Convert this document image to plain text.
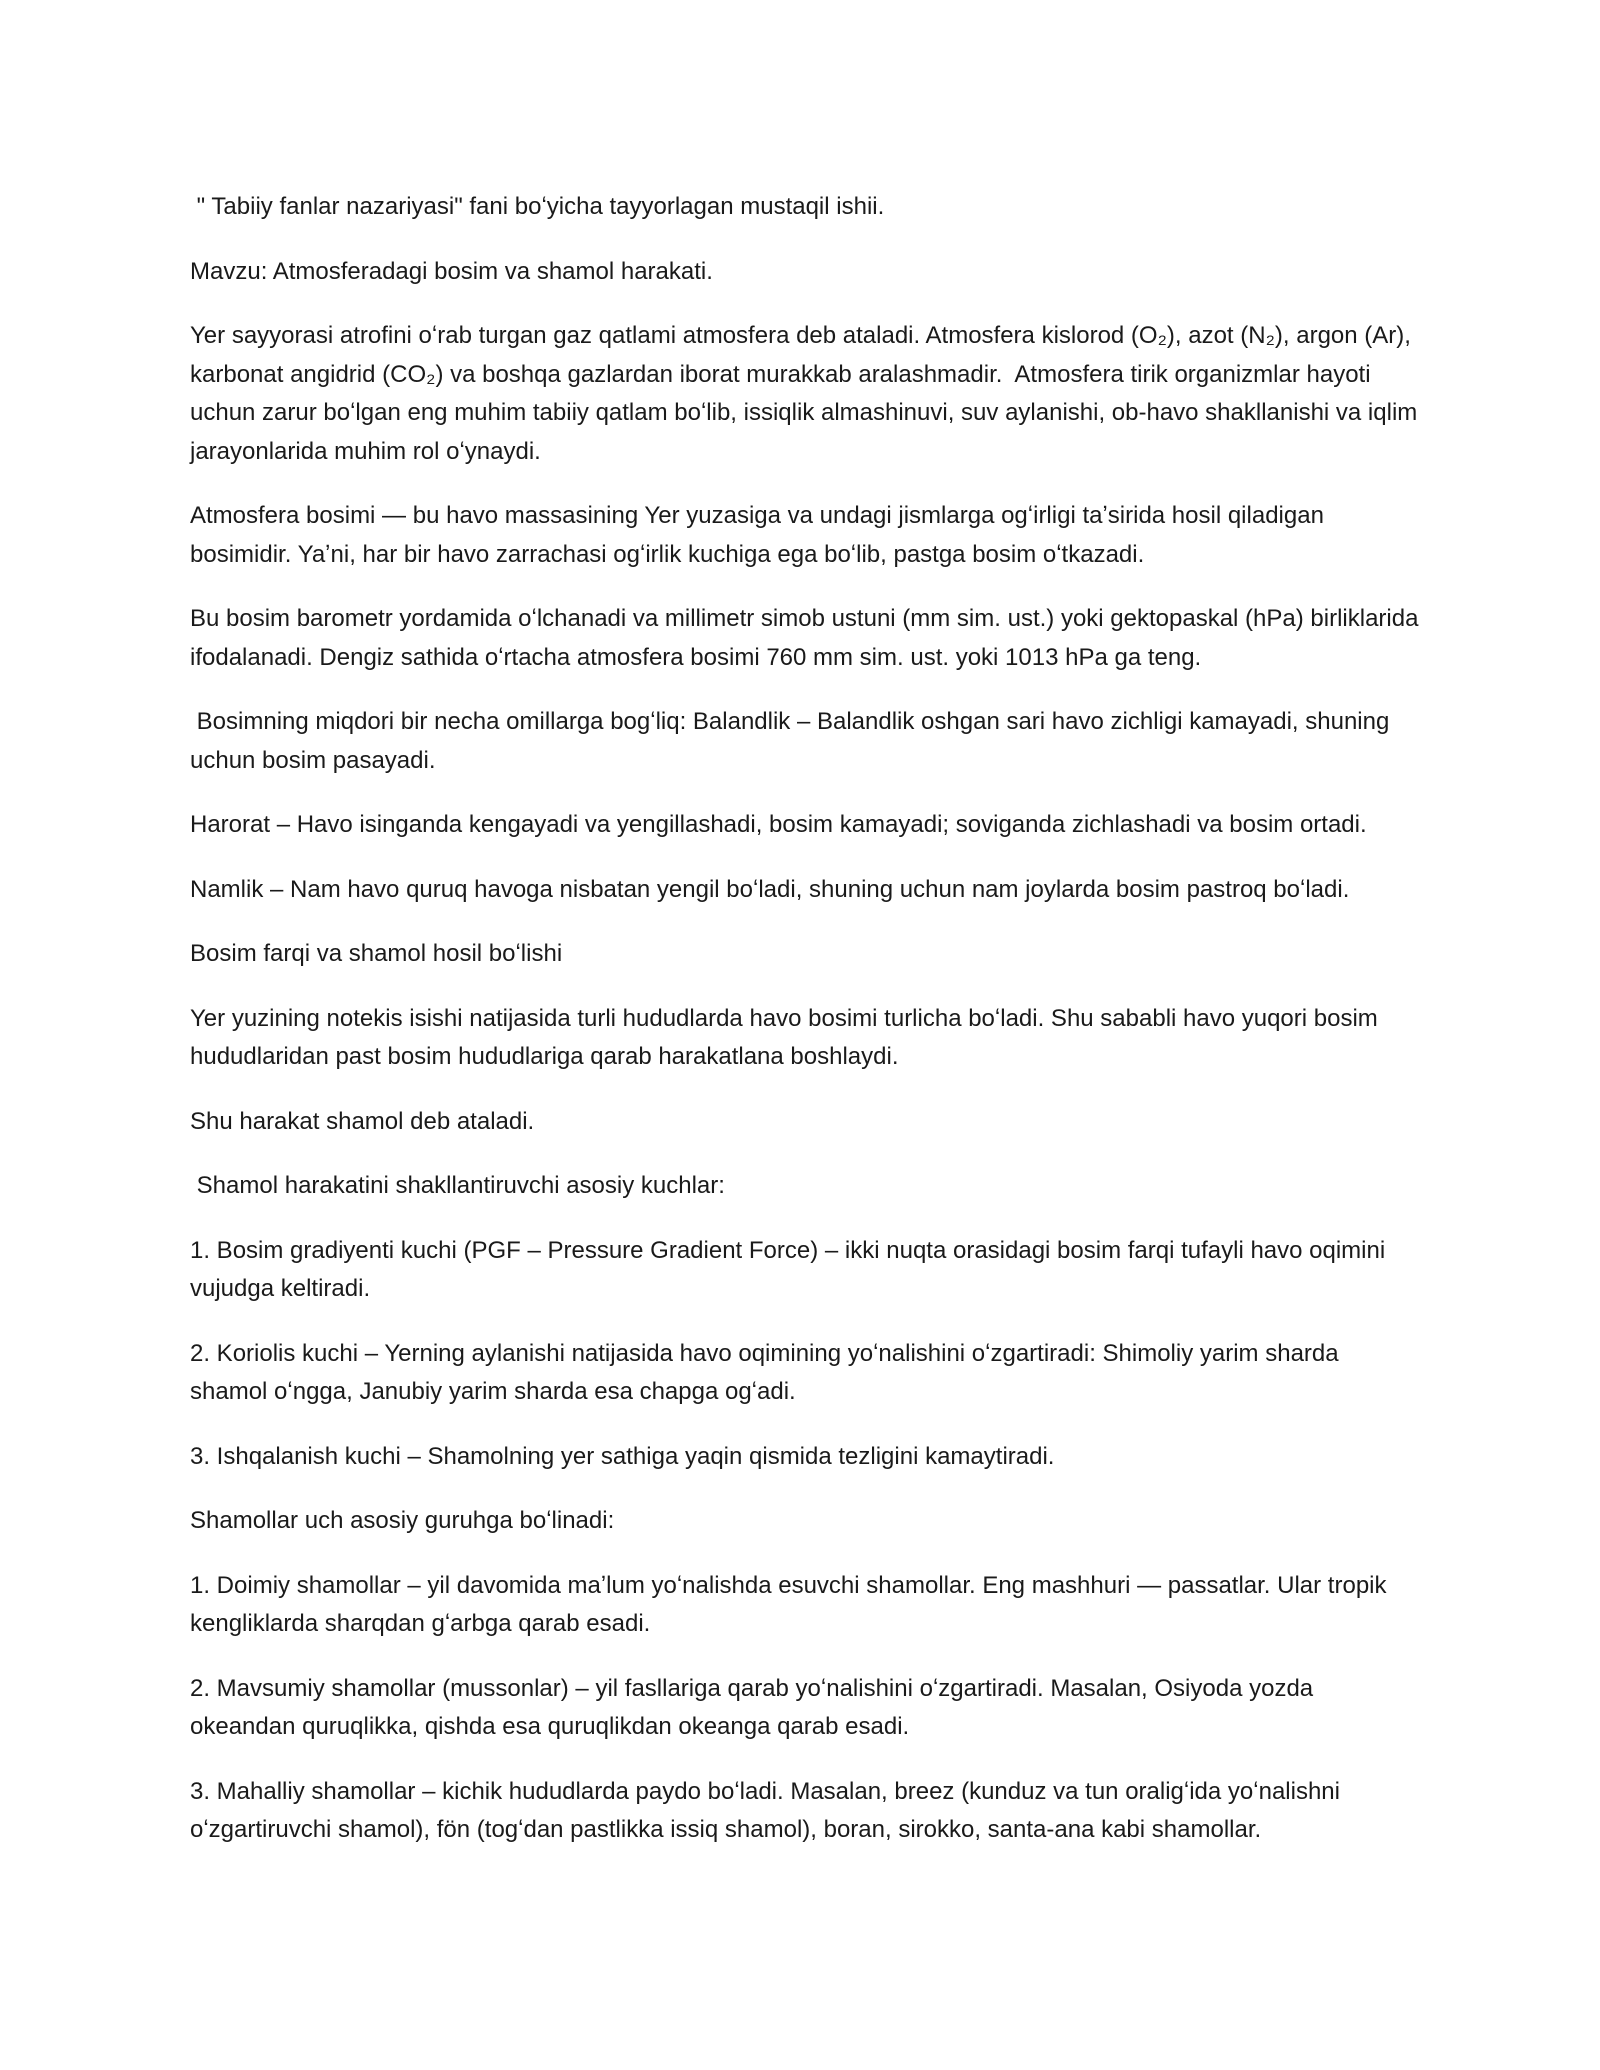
" Tabiiy fanlar nazariyasi" fani boʻyicha tayyorlagan mustaqil ishii.

Mavzu: Atmosferadagi bosim va shamol harakati.

Yer sayyorasi atrofini oʻrab turgan gaz qatlami atmosfera deb ataladi. Atmosfera kislorod (O₂), azot (N₂), argon (Ar), karbonat angidrid (CO₂) va boshqa gazlardan iborat murakkab aralashmadir.  Atmosfera tirik organizmlar hayoti uchun zarur boʻlgan eng muhim tabiiy qatlam boʻlib, issiqlik almashinuvi, suv aylanishi, ob-havo shakllanishi va iqlim jarayonlarida muhim rol oʻynaydi.

Atmosfera bosimi — bu havo massasining Yer yuzasiga va undagi jismlarga ogʻirligi taʼsirida hosil qiladigan bosimidir. Yaʼni, har bir havo zarrachasi ogʻirlik kuchiga ega boʻlib, pastga bosim oʻtkazadi.

Bu bosim barometr yordamida oʻlchanadi va millimetr simob ustuni (mm sim. ust.) yoki gektopaskal (hPa) birliklarida ifodalanadi. Dengiz sathida oʻrtacha atmosfera bosimi 760 mm sim. ust. yoki 1013 hPa ga teng.

Bosimning miqdori bir necha omillarga bogʻliq: Balandlik – Balandlik oshgan sari havo zichligi kamayadi, shuning uchun bosim pasayadi.

Harorat – Havo isinganda kengayadi va yengillashadi, bosim kamayadi; soviganda zichlashadi va bosim ortadi.

Namlik – Nam havo quruq havoga nisbatan yengil boʻladi, shuning uchun nam joylarda bosim pastroq boʻladi.

Bosim farqi va shamol hosil boʻlishi

Yer yuzining notekis isishi natijasida turli hududlarda havo bosimi turlicha boʻladi. Shu sababli havo yuqori bosim hududlaridan past bosim hududlariga qarab harakatlana boshlaydi.

Shu harakat shamol deb ataladi.

Shamol harakatini shakllantiruvchi asosiy kuchlar:

1. Bosim gradiyenti kuchi (PGF – Pressure Gradient Force) – ikki nuqta orasidagi bosim farqi tufayli havo oqimini vujudga keltiradi.

2. Koriolis kuchi – Yerning aylanishi natijasida havo oqimining yoʻnalishini oʻzgartiradi: Shimoliy yarim sharda shamol oʻngga, Janubiy yarim sharda esa chapga ogʻadi.

3. Ishqalanish kuchi – Shamolning yer sathiga yaqin qismida tezligini kamaytiradi.

Shamollar uch asosiy guruhga boʻlinadi:

1. Doimiy shamollar – yil davomida maʼlum yoʻnalishda esuvchi shamollar. Eng mashhuri — passatlar. Ular tropik kengliklarda sharqdan gʻarbga qarab esadi.

2. Mavsumiy shamollar (mussonlar) – yil fasllariga qarab yoʻnalishini oʻzgartiradi. Masalan, Osiyoda yozda okeandan quruqlikka, qishda esa quruqlikdan okeanga qarab esadi.

3. Mahalliy shamollar – kichik hududlarda paydo boʻladi. Masalan, breez (kunduz va tun oraligʻida yoʻnalishni oʻzgartiruvchi shamol), fön (togʻdan pastlikka issiq shamol), boran, sirokko, santa-ana kabi shamollar.
